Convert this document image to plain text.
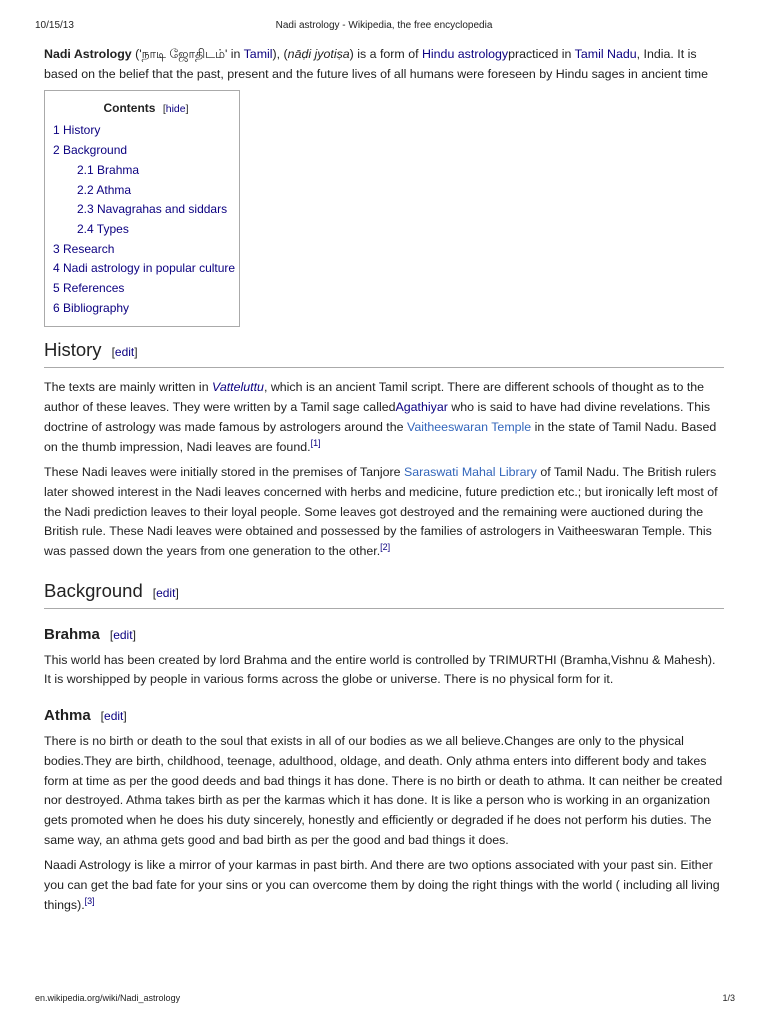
10/15/13	Nadi astrology - Wikipedia, the free encyclopedia

Nadi Astrology ('நாடி ஜோதிடம்' in Tamil), (nāḍi jyotiṣa) is a form of Hindu astrologypracticed in Tamil Nadu, India. It is based on the belief that the past, present and the future lives of all humans were foreseen by Hindu sages in ancient time

Contents [hide]
1 History
2 Background
2.1 Brahma
2.2 Athma
2.3 Navagrahas and siddars
2.4 Types
3 Research
4 Nadi astrology in popular culture
5 References
6 Bibliography
History [edit]

The texts are mainly written in Vatteluttu, which is an ancient Tamil script. There are different schools of thought as to the author of these leaves. They were written by a Tamil sage calledAgathiyar who is said to have had divine revelations. This doctrine of astrology was made famous by astrologers around the Vaitheeswaran Temple in the state of Tamil Nadu. Based on the thumb impression, Nadi leaves are found.[1]

These Nadi leaves were initially stored in the premises of Tanjore Saraswati Mahal Library of Tamil Nadu. The British rulers later showed interest in the Nadi leaves concerned with herbs and medicine, future prediction etc.; but ironically left most of the Nadi prediction leaves to their loyal people. Some leaves got destroyed and the remaining were auctioned during the British rule. These Nadi leaves were obtained and possessed by the families of astrologers in Vaitheeswaran Temple. This was passed down the years from one generation to the other.[2]

Background [edit]
Brahma [edit]

This world has been created by lord Brahma and the entire world is controlled by TRIMURTHI (Bramha,Vishnu & Mahesh). It is worshipped by people in various forms across the globe or universe. There is no physical form for it.

Athma [edit]

There is no birth or death to the soul that exists in all of our bodies as we all believe.Changes are only to the physical bodies.They are birth, childhood, teenage, adulthood, oldage, and death. Only athma enters into different body and takes form at time as per the good deeds and bad things it has done. There is no birth or death to athma. It can neither be created nor destroyed. Athma takes birth as per the karmas which it has done. It is like a person who is working in an organization gets promoted when he does his duty sincerely, honestly and efficiently or degraded if he does not perform his duties. The same way, an athma gets good and bad birth as per the good and bad things it does.

Naadi Astrology is like a mirror of your karmas in past birth. And there are two options associated with your past sin. Either you can get the bad fate for your sins or you can overcome them by doing the right things with the world ( including all living things).[3]

en.wikipedia.org/wiki/Nadi_astrology	1/3
